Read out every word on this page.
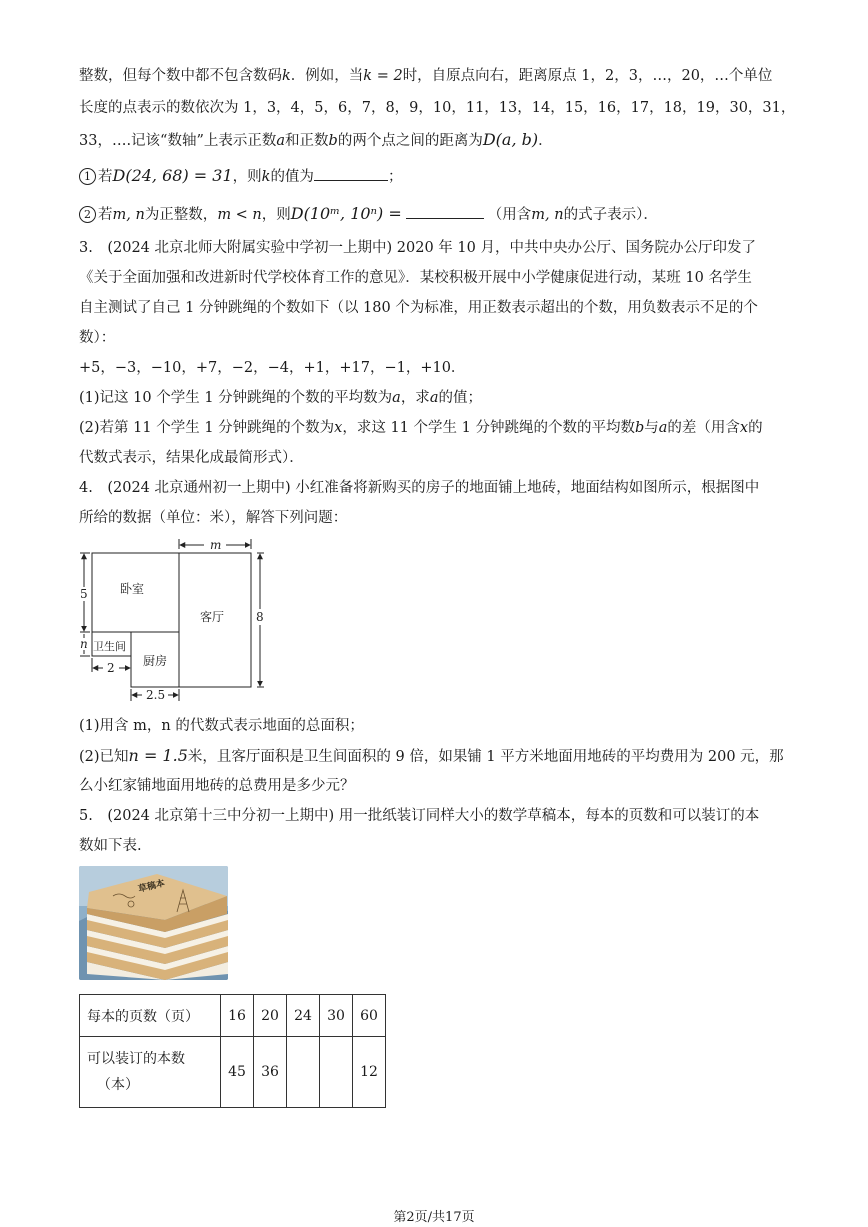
整数，但每个数中都不包含数码k．例如，当k = 2时，自原点向右，距离原点 1，2，3，…，20，…个单位
长度的点表示的数依次为 1，3，4，5，6，7，8，9，10，11，13，14，15，16，17，18，19，30，31，
33，….记该“数轴”上表示正数a和正数b的两个点之间的距离为D(a, b)．
1 若D(24, 68) = 31，则k的值为	；
2 若m, n为正整数，m < n，则D(10ᵐ, 10ⁿ) =	（用含m, n的式子表示）．
3.　(2024 北京北师大附属实验中学初一上期中) 2020 年 10 月，中共中央办公厅、国务院办公厅印发了
《关于全面加强和改进新时代学校体育工作的意见》．某校积极开展中小学健康促进行动，某班 10 名学生
自主测试了自己 1 分钟跳绳的个数如下（以 180 个为标准，用正数表示超出的个数，用负数表示不足的个
数）：
+5，−3，−10，+7，−2，−4，+1，+17，−1，+10．
(1)记这 10 个学生 1 分钟跳绳的个数的平均数为a，求a的值；
(2)若第 11 个学生 1 分钟跳绳的个数为x，求这 11 个学生 1 分钟跳绳的个数的平均数b与a的差（用含x的
代数式表示，结果化成最简形式）．
4.　(2024 北京通州初一上期中) 小红准备将新购买的房子的地面铺上地砖，地面结构如图所示，根据图中
所给的数据（单位：米），解答下列问题：
卧室
客厅
卫生间
厨房
m
8
5
n
2
2.5
(1)用含 m，n 的代数式表示地面的总面积；
(2)已知n = 1.5米，且客厅面积是卫生间面积的 9 倍，如果铺 1 平方米地面用地砖的平均费用为 200 元，那
么小红家铺地面用地砖的总费用是多少元？
5.　(2024 北京第十三中分初一上期中) 用一批纸装订同样大小的数学草稿本，每本的页数和可以装订的本
数如下表.
草稿本
每本的页数（页）	16	20	24	30	60

可以装订的本数
（本）	45	36			12
第2页/共17页
